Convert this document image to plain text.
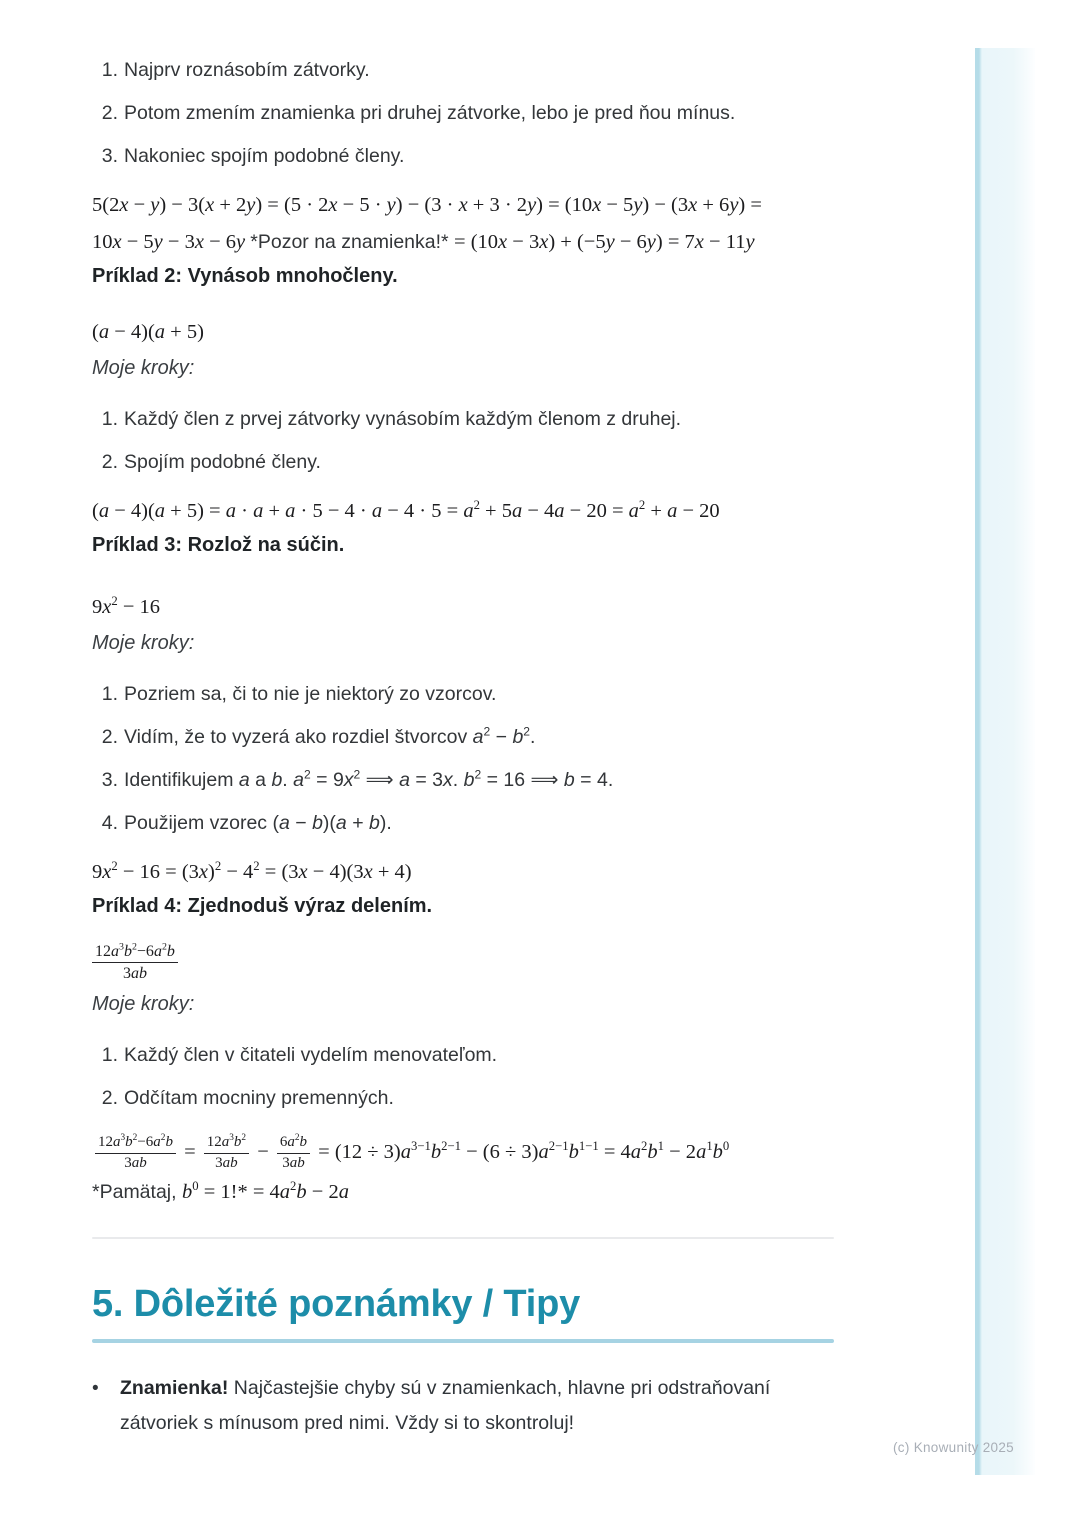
(c) Knowunity 2025
1. Najprv roznásobím zátvorky.
2. Potom zmením znamienka pri druhej zátvorke, lebo je pred ňou mínus.
3. Nakoniec spojím podobné členy.
5(2x − y) − 3(x + 2y) = (5 · 2x − 5 · y) − (3 · x + 3 · 2y) = (10x − 5y) − (3x + 6y) =
10x − 5y − 3x − 6y *Pozor na znamienka!* = (10x − 3x) + (−5y − 6y) = 7x − 11y
Príklad 2: Vynásob mnohočleny.
(a − 4)(a + 5)
Moje kroky:
1. Každý člen z prvej zátvorky vynásobím každým členom z druhej.
2. Spojím podobné členy.
$(a - 4)(a + 5) = a \cdot a + a \cdot 5 - 4 \cdot a - 4 \cdot 5 = a^2 + 5a - 4a - 20 = a^2 + a - 20$
Príklad 3: Rozlož na súčin.
$9x^2 - 16$
Moje kroky:
1. Pozriem sa, či to nie je niektorý zo vzorcov.
2. Vidím, že to vyzerá ako rozdiel štvorcov $a^2 - b^2$.
3. Identifikujem a a b. $a^2 = 9x^2$ ⟹ a = 3x. $b^2 = 16$ ⟹ b = 4.
4. Použijem vzorec (a − b)(a + b).
$9x^2 - 16 = (3x)^2 - 4^2 = (3x - 4)(3x + 4)$
Príklad 4: Zjednoduš výraz delením.
$\frac{12a^3b^2-6a^2b}{3ab}$
Moje kroky:
1. Každý člen v čitateli vydelím menovateľom.
2. Odčítam mocniny premenných.
$\frac{12a^3b^2-6a^2b}{3ab} = \frac{12a^3b^2}{3ab} - \frac{6a^2b}{3ab} = (12 \div 3)a^{3-1}b^{2-1} - (6 \div 3)a^{2-1}b^{1-1} = 4a^2b^1 - 2a^1b^0$
*Pamätaj, $b^0 = 1!* = 4a^2b - 2a$
5. Dôležité poznámky / Tipy
•	Znamienka! Najčastejšie chyby sú v znamienkach, hlavne pri odstraňovaní zátvoriek s mínusom pred nimi. Vždy si to skontroluj!
